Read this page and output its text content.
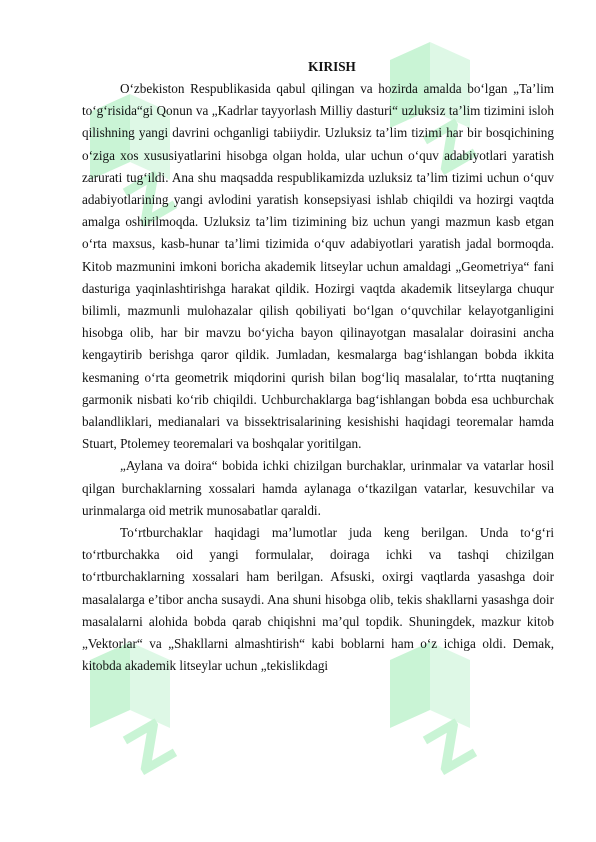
Z
Z
Z	Z
KIRISH

O‘zbekiston Respublikasida qabul qilingan va hozirda amalda bo‘lgan „Ta’lim to‘g‘risida“gi Qonun va „Kadrlar tayyorlash Milliy dasturi“ uzluksiz ta’lim tizimini isloh qilishning yangi davrini ochganligi tabiiydir. Uzluksiz ta’lim tizimi har bir bosqichining o‘ziga xos xususiyatlarini hisobga olgan holda, ular uchun o‘quv adabiyotlari yaratish zarurati tug‘ildi. Ana shu maqsadda respublikamizda uzluksiz ta’lim tizimi uchun o‘quv adabiyotlarining yangi avlodini yaratish konsepsiyasi ishlab chiqildi va hozirgi vaqtda amalga oshirilmoqda. Uzluksiz ta’lim tizimining biz uchun yangi mazmun kasb etgan o‘rta maxsus, kasb-hunar ta’limi tizimida o‘quv adabiyotlari yaratish jadal bormoqda. Kitob mazmunini imkoni boricha akademik litseylar uchun amaldagi „Geometriya“ fani dasturiga yaqinlashtirishga harakat qildik. Hozirgi vaqtda akademik litseylarga chuqur bilimli, mazmunli mulohazalar qilish qobiliyati bo‘lgan o‘quvchilar kelayotganligini hisobga olib, har bir mavzu bo‘yicha bayon qilinayotgan masalalar doirasini ancha kengaytirib berishga qaror qildik. Jumladan, kesmalarga bag‘ishlangan bobda ikkita kesmaning o‘rta geometrik miqdorini qurish bilan bog‘liq masalalar, to‘rtta nuqtaning garmonik nisbati ko‘rib chiqildi. Uchburchaklarga bag‘ishlangan bobda esa uchburchak balandliklari, medianalari va bissektrisalarining kesishishi haqidagi teoremalar hamda Stuart, Ptolemey teoremalari va boshqalar yoritilgan.

„Aylana va doira“ bobida ichki chizilgan burchaklar, urinmalar va vatarlar hosil qilgan burchaklarning xossalari hamda aylanaga o‘tkazilgan vatarlar, kesuvchilar va urinmalarga oid metrik munosabatlar qaraldi.

To‘rtburchaklar haqidagi ma’lumotlar juda keng berilgan. Unda to‘g‘ri to‘rtburchakka oid yangi formulalar, doiraga ichki va tashqi chizilgan to‘rtburchaklarning xossalari ham berilgan. Afsuski, oxirgi vaqtlarda yasashga doir masalalarga e’tibor ancha susaydi. Ana shuni hisobga olib, tekis shakllarni yasashga doir masalalarni alohida bobda qarab chiqishni ma’qul topdik. Shuningdek, mazkur kitob „Vektorlar“ va „Shakllarni almashtirish“ kabi boblarni ham o‘z ichiga oldi. Demak, kitobda akademik litseylar uchun „tekislikdagi
